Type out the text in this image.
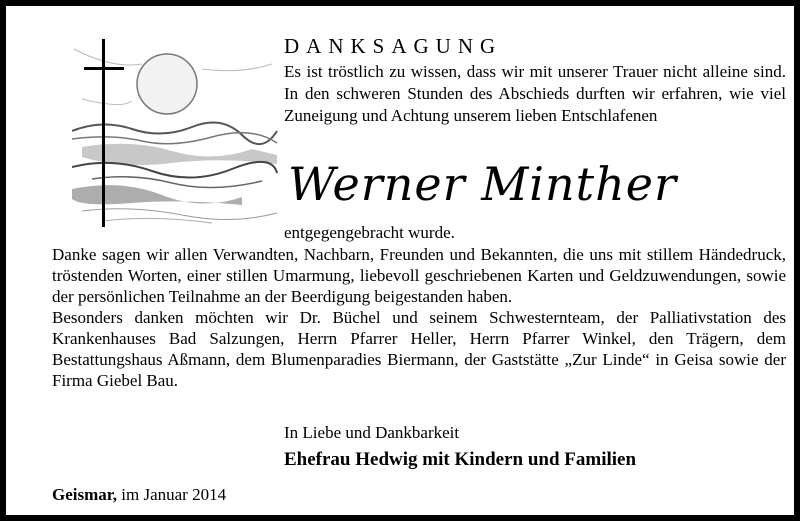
DANKSAGUNG

Es ist tröstlich zu wissen, dass wir mit unserer Trauer nicht alleine sind. In den schweren Stunden des Abschieds durften wir erfahren, wie viel Zuneigung und Achtung unserem lieben Entschlafenen

Werner Minther
entgegengebracht wurde.

Danke sagen wir allen Verwandten, Nachbarn, Freunden und Bekannten, die uns mit stillem Händedruck, tröstenden Worten, einer stillen Umarmung, liebevoll geschriebenen Karten und Geldzuwendungen, sowie der persönlichen Teilnahme an der Beerdigung beigestanden haben.

Besonders danken möchten wir Dr. Büchel und seinem Schwesternteam, der Palliativstation des Krankenhauses Bad Salzungen, Herrn Pfarrer Heller, Herrn Pfarrer Winkel, den Trägern, dem Bestattungshaus Aßmann, dem Blumenparadies Biermann, der Gaststätte „Zur Linde“ in Geisa sowie der Firma Giebel Bau.

In Liebe und Dankbarkeit
Ehefrau Hedwig mit Kindern und Familien
Geismar, im Januar 2014
